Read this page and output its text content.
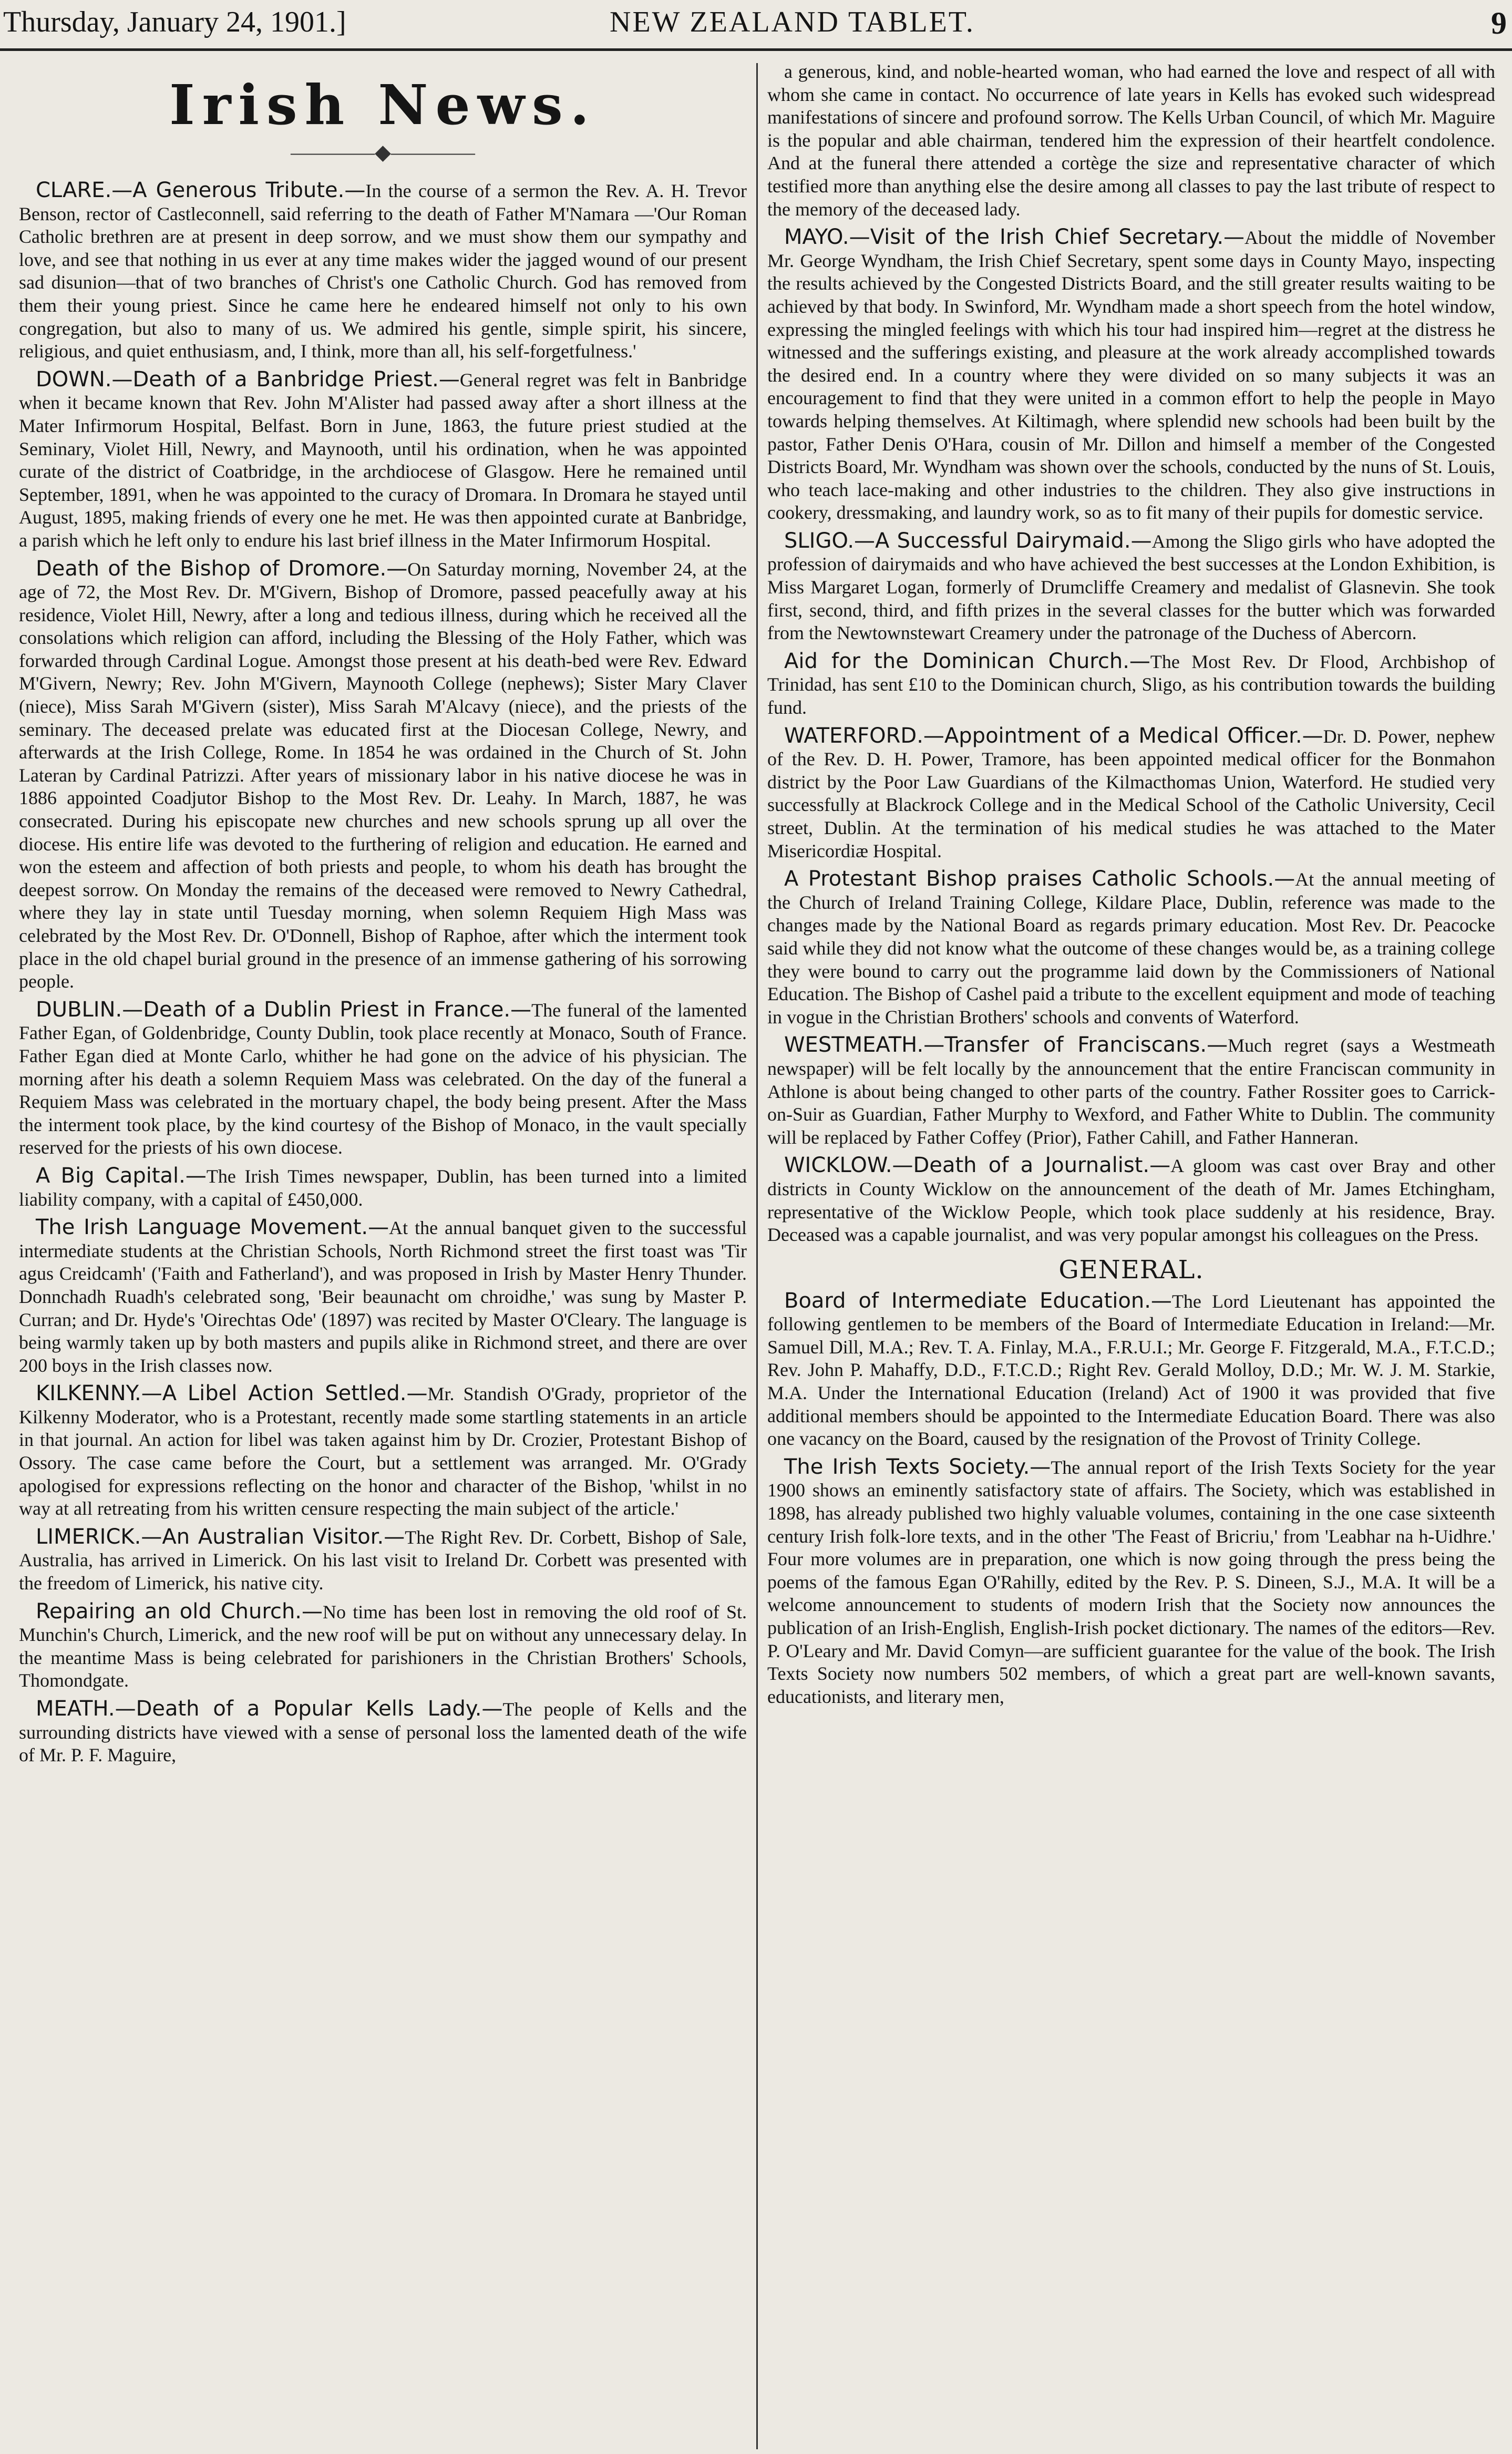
Thursday, January 24, 1901.]	NEW ZEALAND TABLET.	9
Irish News.
————◆————

CLARE.—A Generous Tribute.—In the course of a sermon the Rev. A. H. Trevor Benson, rector of Castleconnell, said referring to the death of Father M'Namara —'Our Roman Catholic brethren are at present in deep sorrow, and we must show them our sympathy and love, and see that nothing in us ever at any time makes wider the jagged wound of our present sad disunion—that of two branches of Christ's one Catholic Church. God has removed from them their young priest. Since he came here he endeared himself not only to his own congregation, but also to many of us. We admired his gentle, simple spirit, his sincere, religious, and quiet enthusiasm, and, I think, more than all, his self-forgetfulness.'

DOWN.—Death of a Banbridge Priest.—General regret was felt in Banbridge when it became known that Rev. John M'Alister had passed away after a short illness at the Mater Infirmorum Hospital, Belfast. Born in June, 1863, the future priest studied at the Seminary, Violet Hill, Newry, and Maynooth, until his ordination, when he was appointed curate of the district of Coatbridge, in the archdiocese of Glasgow. Here he remained until September, 1891, when he was appointed to the curacy of Dromara. In Dromara he stayed until August, 1895, making friends of every one he met. He was then appointed curate at Banbridge, a parish which he left only to endure his last brief illness in the Mater Infirmorum Hospital.

Death of the Bishop of Dromore.—On Saturday morning, November 24, at the age of 72, the Most Rev. Dr. M'Givern, Bishop of Dromore, passed peacefully away at his residence, Violet Hill, Newry, after a long and tedious illness, during which he received all the consolations which religion can afford, including the Blessing of the Holy Father, which was forwarded through Cardinal Logue. Amongst those present at his death-bed were Rev. Edward M'Givern, Newry; Rev. John M'Givern, Maynooth College (nephews); Sister Mary Claver (niece), Miss Sarah M'Givern (sister), Miss Sarah M'Alcavy (niece), and the priests of the seminary. The deceased prelate was educated first at the Diocesan College, Newry, and afterwards at the Irish College, Rome. In 1854 he was ordained in the Church of St. John Lateran by Cardinal Patrizzi. After years of missionary labor in his native diocese he was in 1886 appointed Coadjutor Bishop to the Most Rev. Dr. Leahy. In March, 1887, he was consecrated. During his episcopate new churches and new schools sprung up all over the diocese. His entire life was devoted to the furthering of religion and education. He earned and won the esteem and affection of both priests and people, to whom his death has brought the deepest sorrow. On Monday the remains of the deceased were removed to Newry Cathedral, where they lay in state until Tuesday morning, when solemn Requiem High Mass was celebrated by the Most Rev. Dr. O'Donnell, Bishop of Raphoe, after which the interment took place in the old chapel burial ground in the presence of an immense gathering of his sorrowing people.

DUBLIN.—Death of a Dublin Priest in France.—The funeral of the lamented Father Egan, of Goldenbridge, County Dublin, took place recently at Monaco, South of France. Father Egan died at Monte Carlo, whither he had gone on the advice of his physician. The morning after his death a solemn Requiem Mass was celebrated. On the day of the funeral a Requiem Mass was celebrated in the mortuary chapel, the body being present. After the Mass the interment took place, by the kind courtesy of the Bishop of Monaco, in the vault specially reserved for the priests of his own diocese.

A Big Capital.—The Irish Times newspaper, Dublin, has been turned into a limited liability company, with a capital of £450,000.

The Irish Language Movement.—At the annual banquet given to the successful intermediate students at the Christian Schools, North Richmond street the first toast was 'Tir agus Creidcamh' ('Faith and Fatherland'), and was proposed in Irish by Master Henry Thunder. Donnchadh Ruadh's celebrated song, 'Beir beaunacht om chroidhe,' was sung by Master P. Curran; and Dr. Hyde's 'Oirechtas Ode' (1897) was recited by Master O'Cleary. The language is being warmly taken up by both masters and pupils alike in Richmond street, and there are over 200 boys in the Irish classes now.

KILKENNY.—A Libel Action Settled.—Mr. Standish O'Grady, proprietor of the Kilkenny Moderator, who is a Protestant, recently made some startling statements in an article in that journal. An action for libel was taken against him by Dr. Crozier, Protestant Bishop of Ossory. The case came before the Court, but a settlement was arranged. Mr. O'Grady apologised for expressions reflecting on the honor and character of the Bishop, 'whilst in no way at all retreating from his written censure respecting the main subject of the article.'

LIMERICK.—An Australian Visitor.—The Right Rev. Dr. Corbett, Bishop of Sale, Australia, has arrived in Limerick. On his last visit to Ireland Dr. Corbett was presented with the freedom of Limerick, his native city.

Repairing an old Church.—No time has been lost in removing the old roof of St. Munchin's Church, Limerick, and the new roof will be put on without any unnecessary delay. In the meantime Mass is being celebrated for parishioners in the Christian Brothers' Schools, Thomondgate.

MEATH.—Death of a Popular Kells Lady.—The people of Kells and the surrounding districts have viewed with a sense of personal loss the lamented death of the wife of Mr. P. F. Maguire,

a generous, kind, and noble-hearted woman, who had earned the love and respect of all with whom she came in contact. No occurrence of late years in Kells has evoked such widespread manifestations of sincere and profound sorrow. The Kells Urban Council, of which Mr. Maguire is the popular and able chairman, tendered him the expression of their heartfelt condolence. And at the funeral there attended a cortège the size and representative character of which testified more than anything else the desire among all classes to pay the last tribute of respect to the memory of the deceased lady.

MAYO.—Visit of the Irish Chief Secretary.—About the middle of November Mr. George Wyndham, the Irish Chief Secretary, spent some days in County Mayo, inspecting the results achieved by the Congested Districts Board, and the still greater results waiting to be achieved by that body. In Swinford, Mr. Wyndham made a short speech from the hotel window, expressing the mingled feelings with which his tour had inspired him—regret at the distress he witnessed and the sufferings existing, and pleasure at the work already accomplished towards the desired end. In a country where they were divided on so many subjects it was an encouragement to find that they were united in a common effort to help the people in Mayo towards helping themselves. At Kiltimagh, where splendid new schools had been built by the pastor, Father Denis O'Hara, cousin of Mr. Dillon and himself a member of the Congested Districts Board, Mr. Wyndham was shown over the schools, conducted by the nuns of St. Louis, who teach lace-making and other industries to the children. They also give instructions in cookery, dressmaking, and laundry work, so as to fit many of their pupils for domestic service.

SLIGO.—A Successful Dairymaid.—Among the Sligo girls who have adopted the profession of dairymaids and who have achieved the best successes at the London Exhibition, is Miss Margaret Logan, formerly of Drumcliffe Creamery and medalist of Glasnevin. She took first, second, third, and fifth prizes in the several classes for the butter which was forwarded from the Newtownstewart Creamery under the patronage of the Duchess of Abercorn.

Aid for the Dominican Church.—The Most Rev. Dr Flood, Archbishop of Trinidad, has sent £10 to the Dominican church, Sligo, as his contribution towards the building fund.

WATERFORD.—Appointment of a Medical Officer.—Dr. D. Power, nephew of the Rev. D. H. Power, Tramore, has been appointed medical officer for the Bonmahon district by the Poor Law Guardians of the Kilmacthomas Union, Waterford. He studied very successfully at Blackrock College and in the Medical School of the Catholic University, Cecil street, Dublin. At the termination of his medical studies he was attached to the Mater Misericordiæ Hospital.

A Protestant Bishop praises Catholic Schools.—At the annual meeting of the Church of Ireland Training College, Kildare Place, Dublin, reference was made to the changes made by the National Board as regards primary education. Most Rev. Dr. Peacocke said while they did not know what the outcome of these changes would be, as a training college they were bound to carry out the programme laid down by the Commissioners of National Education. The Bishop of Cashel paid a tribute to the excellent equipment and mode of teaching in vogue in the Christian Brothers' schools and convents of Waterford.

WESTMEATH.—Transfer of Franciscans.—Much regret (says a Westmeath newspaper) will be felt locally by the announcement that the entire Franciscan community in Athlone is about being changed to other parts of the country. Father Rossiter goes to Carrick-on-Suir as Guardian, Father Murphy to Wexford, and Father White to Dublin. The community will be replaced by Father Coffey (Prior), Father Cahill, and Father Hanneran.

WICKLOW.—Death of a Journalist.—A gloom was cast over Bray and other districts in County Wicklow on the announcement of the death of Mr. James Etchingham, representative of the Wicklow People, which took place suddenly at his residence, Bray. Deceased was a capable journalist, and was very popular amongst his colleagues on the Press.

GENERAL.

Board of Intermediate Education.—The Lord Lieutenant has appointed the following gentlemen to be members of the Board of Intermediate Education in Ireland:—Mr. Samuel Dill, M.A.; Rev. T. A. Finlay, M.A., F.R.U.I.; Mr. George F. Fitzgerald, M.A., F.T.C.D.; Rev. John P. Mahaffy, D.D., F.T.C.D.; Right Rev. Gerald Molloy, D.D.; Mr. W. J. M. Starkie, M.A. Under the International Education (Ireland) Act of 1900 it was provided that five additional members should be appointed to the Intermediate Education Board. There was also one vacancy on the Board, caused by the resignation of the Provost of Trinity College.

The Irish Texts Society.—The annual report of the Irish Texts Society for the year 1900 shows an eminently satisfactory state of affairs. The Society, which was established in 1898, has already published two highly valuable volumes, containing in the one case sixteenth century Irish folk-lore texts, and in the other 'The Feast of Bricriu,' from 'Leabhar na h-Uidhre.' Four more volumes are in preparation, one which is now going through the press being the poems of the famous Egan O'Rahilly, edited by the Rev. P. S. Dineen, S.J., M.A. It will be a welcome announcement to students of modern Irish that the Society now announces the publication of an Irish-English, English-Irish pocket dictionary. The names of the editors—Rev. P. O'Leary and Mr. David Comyn—are sufficient guarantee for the value of the book. The Irish Texts Society now numbers 502 members, of which a great part are well-known savants, educationists, and literary men,
